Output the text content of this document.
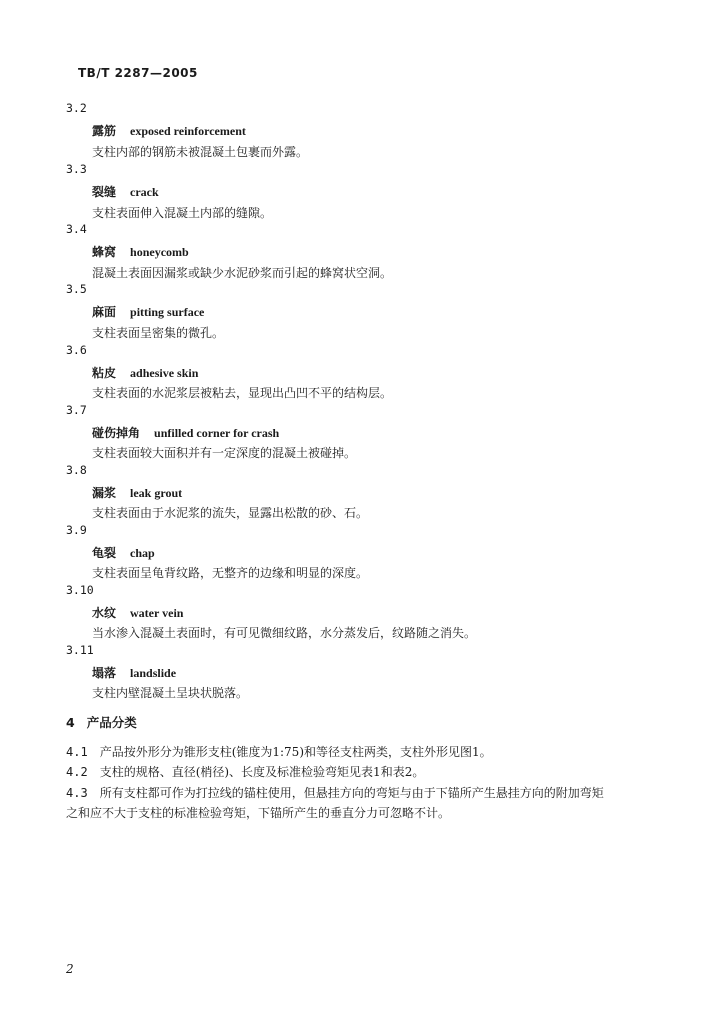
TB/T 2287—2005
3.2
露筋 exposed reinforcement
支柱内部的钢筋未被混凝土包裹而外露。
3.3
裂缝 crack
支柱表面伸入混凝土内部的缝隙。
3.4
蜂窝 honeycomb
混凝土表面因漏浆或缺少水泥砂浆而引起的蜂窝状空洞。
3.5
麻面 pitting surface
支柱表面呈密集的微孔。
3.6
粘皮 adhesive skin
支柱表面的水泥浆层被粘去，显现出凸凹不平的结构层。
3.7
碰伤掉角 unfilled corner for crash
支柱表面较大面积并有一定深度的混凝土被碰掉。
3.8
漏浆 leak grout
支柱表面由于水泥浆的流失，显露出松散的砂、石。
3.9
龟裂 chap
支柱表面呈龟背纹路，无整齐的边缘和明显的深度。
3.10
水纹 water vein
当水渗入混凝土表面时，有可见微细纹路，水分蒸发后，纹路随之消失。
3.11
塌落 landslide
支柱内壁混凝土呈块状脱落。
4 产品分类
4.1 产品按外形分为锥形支柱(锥度为1:75)和等径支柱两类，支柱外形见图1。
4.2 支柱的规格、直径(梢径)、长度及标准检验弯矩见表1和表2。
4.3 所有支柱都可作为打拉线的锚柱使用，但悬挂方向的弯矩与由于下锚所产生悬挂方向的附加弯矩
之和应不大于支柱的标准检验弯矩，下锚所产生的垂直分力可忽略不计。
2
